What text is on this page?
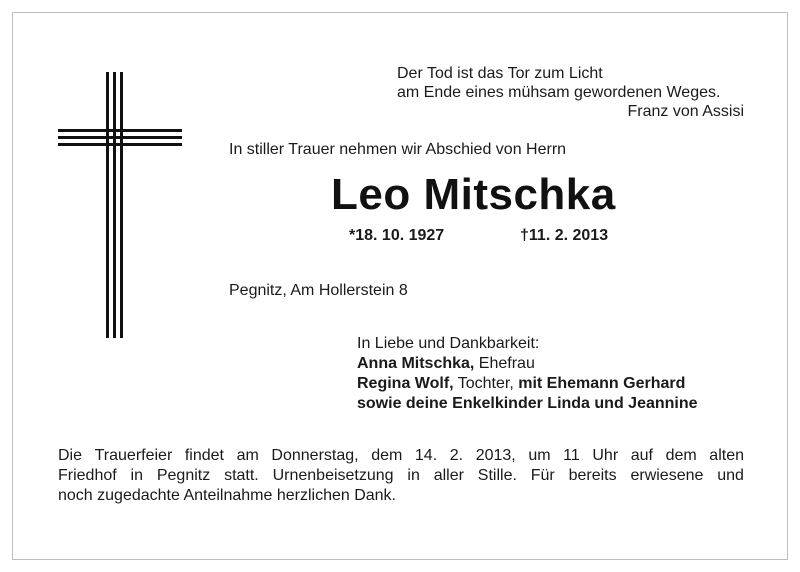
Der Tod ist das Tor zum Licht
am Ende eines mühsam gewordenen Weges.
Franz von Assisi
In stiller Trauer nehmen wir Abschied von Herrn
Leo Mitschka
*18. 10. 1927	†11. 2. 2013
Pegnitz, Am Hollerstein 8
In Liebe und Dankbarkeit:
Anna Mitschka, Ehefrau
Regina Wolf, Tochter, mit Ehemann Gerhard
sowie deine Enkelkinder Linda und Jeannine
Die Trauerfeier findet am Donnerstag, dem 14. 2. 2013, um 11 Uhr auf dem alten
Friedhof in Pegnitz statt. Urnenbeisetzung in aller Stille. Für bereits erwiesene und
noch zugedachte Anteilnahme herzlichen Dank.
